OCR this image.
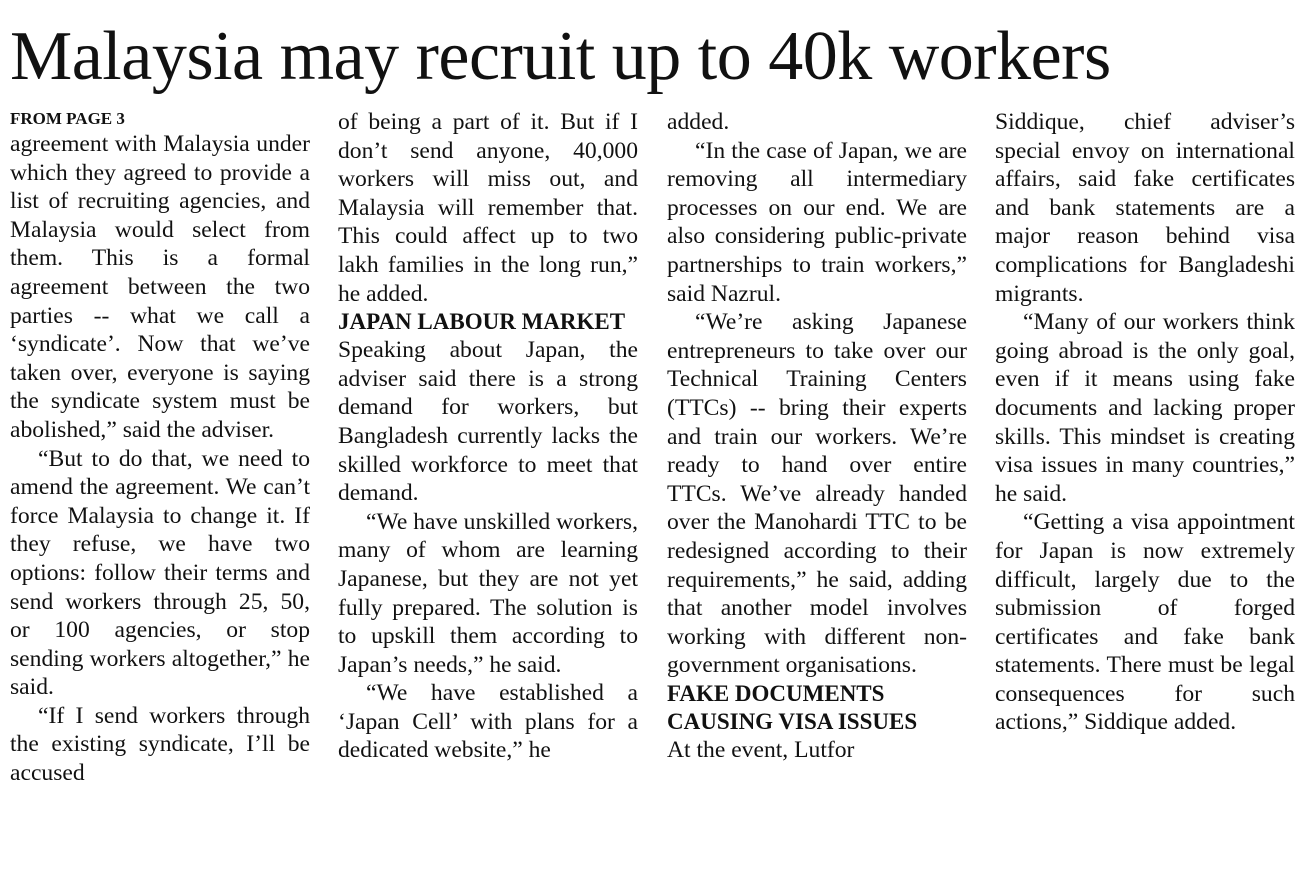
Malaysia may recruit up to 40k workers
FROM PAGE 3

agreement with Malaysia under which they agreed to provide a list of recruiting agencies, and Malaysia would select from them. This is a formal agreement between the two parties -- what we call a ‘syndicate’. Now that we’ve taken over, everyone is saying the syndicate system must be abolished,” said the adviser.

“But to do that, we need to amend the agreement. We can’t force Malaysia to change it. If they refuse, we have two options: follow their terms and send workers through 25, 50, or 100 agencies, or stop sending workers altogether,” he said.

“If I send workers through the existing syndicate, I’ll be accused

of being a part of it. But if I don’t send anyone, 40,000 workers will miss out, and Malaysia will remember that. This could affect up to two lakh families in the long run,” he added.

JAPAN LABOUR MARKET

Speaking about Japan, the adviser said there is a strong demand for workers, but Bangladesh currently lacks the skilled workforce to meet that demand.

“We have unskilled workers, many of whom are learning Japanese, but they are not yet fully prepared. The solution is to upskill them according to Japan’s needs,” he said.

“We have established a ‘Japan Cell’ with plans for a dedicated website,” he

added.

“In the case of Japan, we are removing all intermediary processes on our end. We are also considering public-private partnerships to train workers,” said Nazrul.

“We’re asking Japanese entrepreneurs to take over our Technical Training Centers (TTCs) -- bring their experts and train our workers. We’re ready to hand over entire TTCs. We’ve already handed over the Manohardi TTC to be redesigned according to their requirements,” he said, adding that another model involves working with different non-government organisations.

FAKE DOCUMENTS CAUSING VISA ISSUES

At the event, Lutfor

Siddique, chief adviser’s special envoy on international affairs, said fake certificates and bank statements are a major reason behind visa complications for Bangladeshi migrants.

“Many of our workers think going abroad is the only goal, even if it means using fake documents and lacking proper skills. This mindset is creating visa issues in many countries,” he said.

“Getting a visa appointment for Japan is now extremely difficult, largely due to the submission of forged certificates and fake bank statements. There must be legal consequences for such actions,” Siddique added.
